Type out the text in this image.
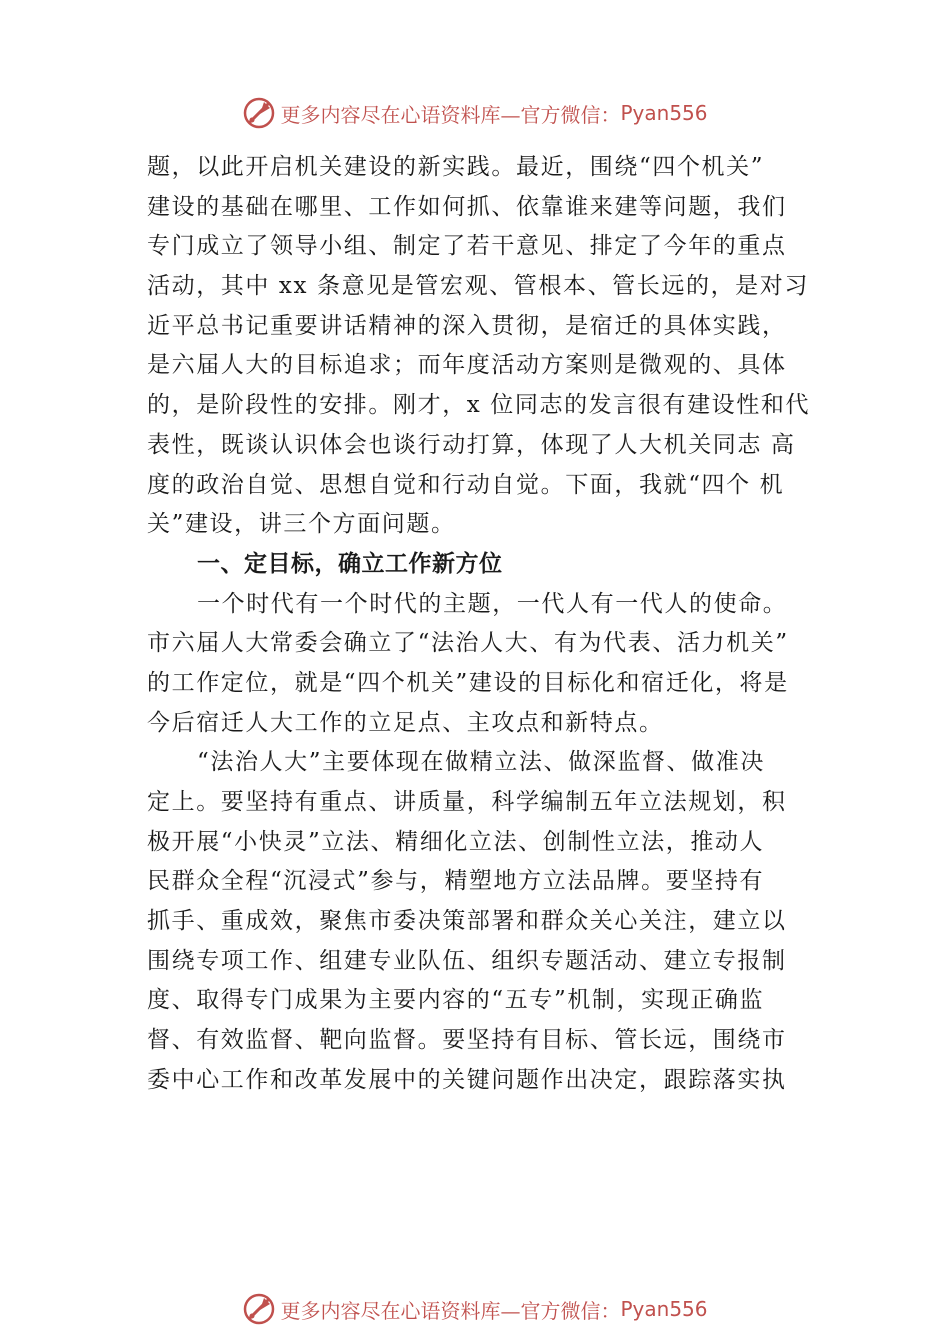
更多内容尽在心语资料库—官方微信： Pyan556
题，以此开启机关建设的新实践。最近，围绕“四个机关”
建设的基础在哪里、工作如何抓、依靠谁来建等问题，我们
专门成立了领导小组、制定了若干意见、排定了今年的重点
活动，其中 xx 条意见是管宏观、管根本、管长远的，是对习
近平总书记重要讲话精神的深入贯彻，是宿迁的具体实践，
是六届人大的目标追求；而年度活动方案则是微观的、具体
的，是阶段性的安排。刚才，x 位同志的发言很有建设性和代
表性，既谈认识体会也谈行动打算，体现了人大机关同志 高
度的政治自觉、思想自觉和行动自觉。下面，我就“四个 机
关”建设，讲三个方面问题。
一、定目标，确立工作新方位
一个时代有一个时代的主题，一代人有一代人的使命。
市六届人大常委会确立了“法治人大、有为代表、活力机关”
的工作定位，就是“四个机关”建设的目标化和宿迁化，将是
今后宿迁人大工作的立足点、主攻点和新特点。
“法治人大”主要体现在做精立法、做深监督、做准决
定上。要坚持有重点、讲质量，科学编制五年立法规划，积
极开展“小快灵”立法、精细化立法、创制性立法，推动人
民群众全程“沉浸式”参与，精塑地方立法品牌。要坚持有
抓手、重成效，聚焦市委决策部署和群众关心关注，建立以
围绕专项工作、组建专业队伍、组织专题活动、建立专报制
度、取得专门成果为主要内容的“五专”机制，实现正确监
督、有效监督、靶向监督。要坚持有目标、管长远，围绕市
委中心工作和改革发展中的关键问题作出决定，跟踪落实执
更多内容尽在心语资料库—官方微信： Pyan556
